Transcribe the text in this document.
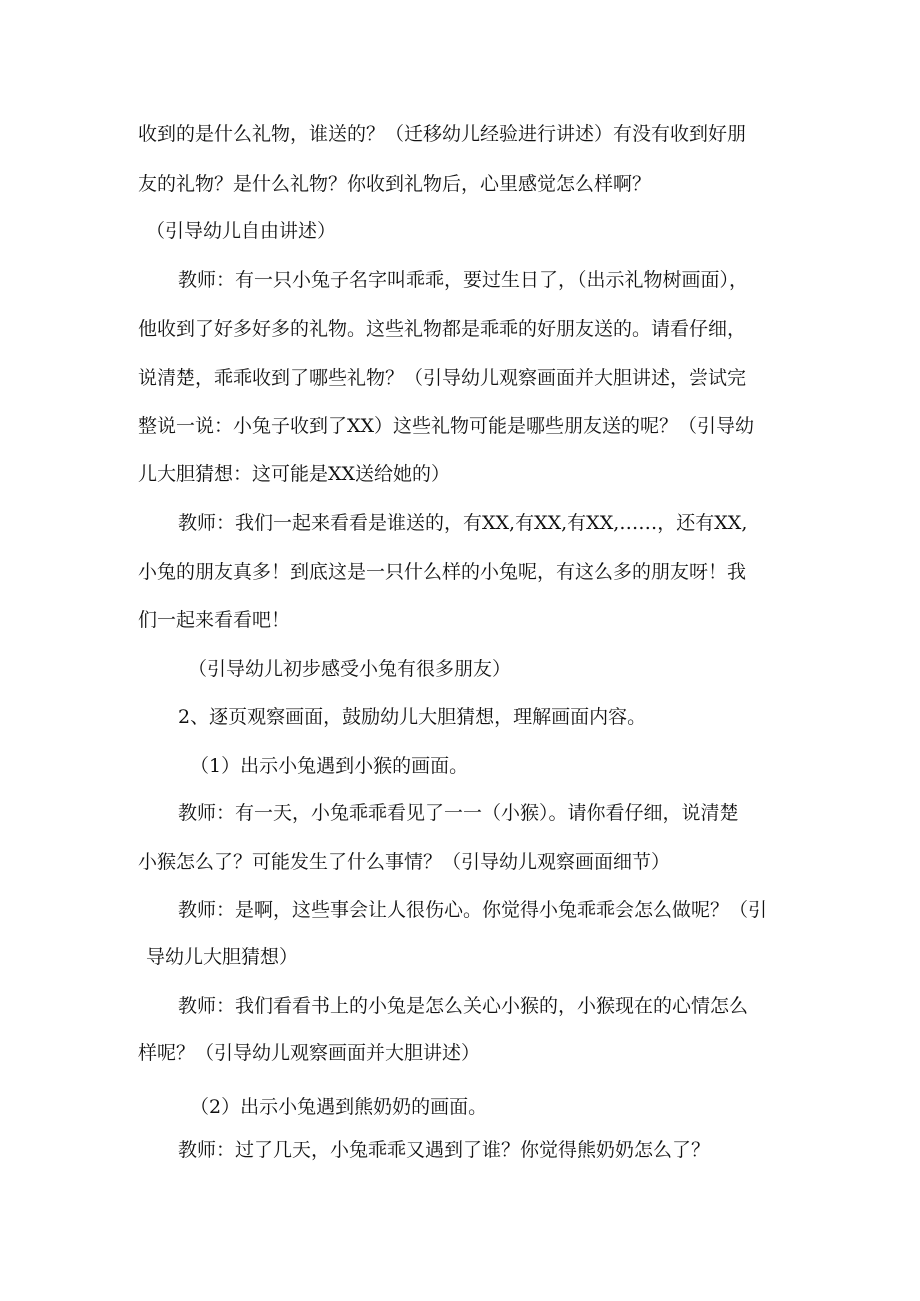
收到的是什么礼物，谁送的？（迁移幼儿经验进行讲述）有没有收到好朋
友的礼物？是什么礼物？你收到礼物后，心里感觉怎么样啊？
（引导幼儿自由讲述）
教师：有一只小兔子名字叫乖乖，要过生日了，（出示礼物树画面），
他收到了好多好多的礼物。这些礼物都是乖乖的好朋友送的。请看仔细，
说清楚，乖乖收到了哪些礼物？（引导幼儿观察画面并大胆讲述，尝试完
整说一说：小兔子收到了XX）这些礼物可能是哪些朋友送的呢？（引导幼
儿大胆猜想：这可能是XX送给她的）
教师：我们一起来看看是谁送的，有XX,有XX,有XX,……，还有XX,
小兔的朋友真多！到底这是一只什么样的小兔呢，有这么多的朋友呀！我
们一起来看看吧！
（引导幼儿初步感受小兔有很多朋友）
2、逐页观察画面，鼓励幼儿大胆猜想，理解画面内容。
（1）出示小兔遇到小猴的画面。
教师：有一天，小兔乖乖看见了一一（小猴）。请你看仔细，说清楚
小猴怎么了？可能发生了什么事情？（引导幼儿观察画面细节）
教师：是啊，这些事会让人很伤心。你觉得小兔乖乖会怎么做呢？（引
导幼儿大胆猜想）
教师：我们看看书上的小兔是怎么关心小猴的，小猴现在的心情怎么
样呢？（引导幼儿观察画面并大胆讲述）
（2）出示小兔遇到熊奶奶的画面。
教师：过了几天，小兔乖乖又遇到了谁？你觉得熊奶奶怎么了？
